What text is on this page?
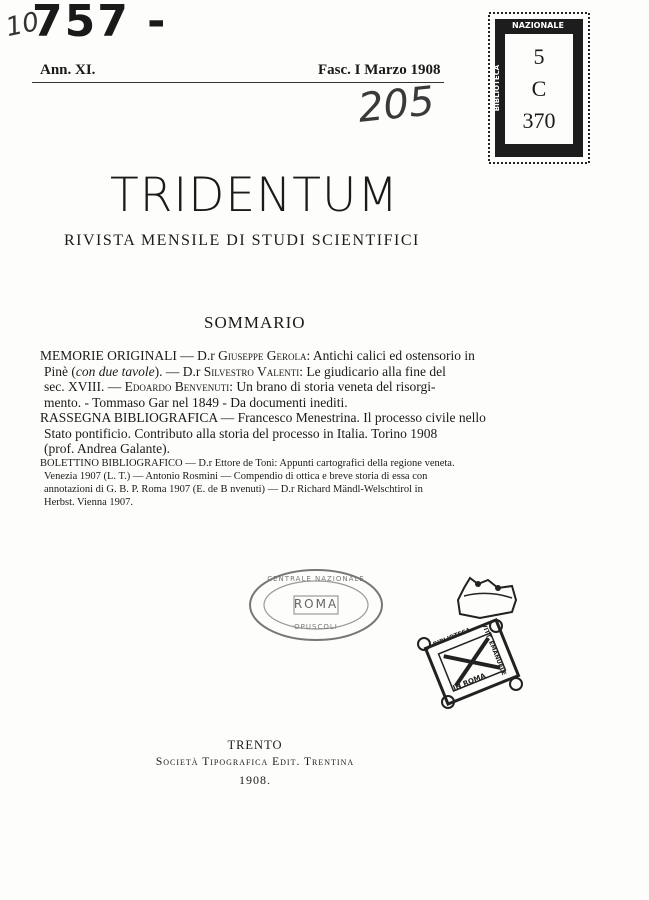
10
757 -
205
Ann. XI.	Fasc. I Marzo 1908
NAZIONALE
BIBLIOTECA	VITT.EMANUELE
5
C
370
TRIDENTUM
RIVISTA MENSILE DI STUDI SCIENTIFICI
SOMMARIO
MEMORIE ORIGINALI — D.r Giuseppe Gerola: Antichi calici ed ostensorio in
Pinè (con due tavole). — D.r Silvestro Valenti: Le giudicario alla fine del
sec. XVIII. — Edoardo Benvenuti: Un brano di storia veneta del risorgi-
mento. - Tommaso Gar nel 1849 - Da documenti inediti.
RASSEGNA BIBLIOGRAFICA — Francesco Menestrina. Il processo civile nello
Stato pontificio. Contributo alla storia del processo in Italia. Torino 1908
(prof. Andrea Galante).
BOLETTINO BIBLIOGRAFICO — D.r Ettore de Toni: Appunti cartografici della regione veneta.
Venezia 1907 (L. T.) — Antonio Rosmini — Compendio di ottica e breve storia di essa con
annotazioni di G. B. P. Roma 1907 (E. de B nvenuti) — D.r Richard Mändl-Welschtirol in
Herbst. Vienna 1907.
CENTRALE NAZIONALE
ROMA
OPUSCOLI	BIBLIOTECA VITT. EMANUELE
IN ROMA
TRENTO
Società Tipografica Edit. Trentina
1908.
